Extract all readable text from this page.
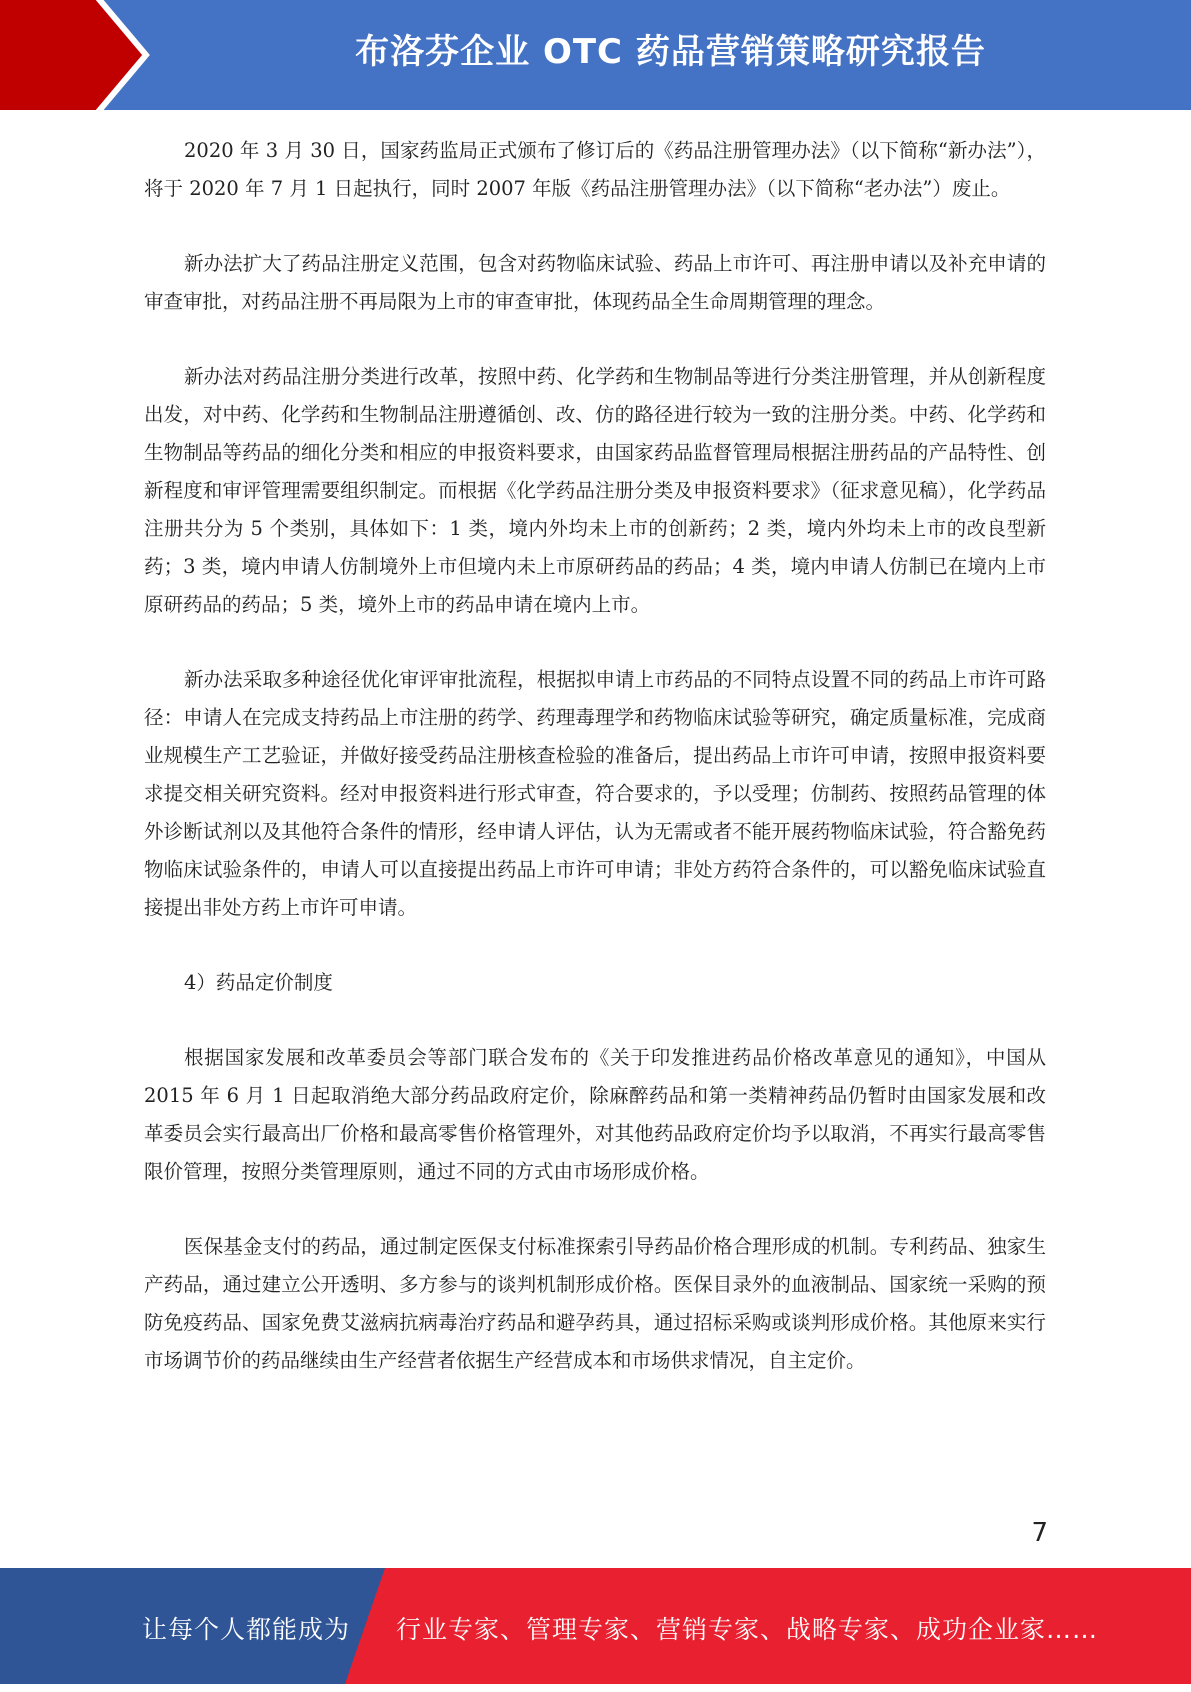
布洛芬企业 OTC 药品营销策略研究报告

2020 年 3 月 30 日，国家药监局正式颁布了修订后的《药品注册管理办法》（以下简称“新办法”），将于 2020 年 7 月 1 日起执行，同时 2007 年版《药品注册管理办法》（以下简称“老办法”）废止。

新办法扩大了药品注册定义范围，包含对药物临床试验、药品上市许可、再注册申请以及补充申请的审查审批，对药品注册不再局限为上市的审查审批，体现药品全生命周期管理的理念。

新办法对药品注册分类进行改革，按照中药、化学药和生物制品等进行分类注册管理，并从创新程度出发，对中药、化学药和生物制品注册遵循创、改、仿的路径进行较为一致的注册分类。中药、化学药和生物制品等药品的细化分类和相应的申报资料要求，由国家药品监督管理局根据注册药品的产品特性、创新程度和审评管理需要组织制定。而根据《化学药品注册分类及申报资料要求》（征求意见稿），化学药品注册共分为 5 个类别，具体如下：1 类，境内外均未上市的创新药；2 类，境内外均未上市的改良型新药；3 类，境内申请人仿制境外上市但境内未上市原研药品的药品；4 类，境内申请人仿制已在境内上市原研药品的药品；5 类，境外上市的药品申请在境内上市。

新办法采取多种途径优化审评审批流程，根据拟申请上市药品的不同特点设置不同的药品上市许可路径：申请人在完成支持药品上市注册的药学、药理毒理学和药物临床试验等研究，确定质量标准，完成商业规模生产工艺验证，并做好接受药品注册核查检验的准备后，提出药品上市许可申请，按照申报资料要求提交相关研究资料。经对申报资料进行形式审查，符合要求的，予以受理；仿制药、按照药品管理的体外诊断试剂以及其他符合条件的情形，经申请人评估，认为无需或者不能开展药物临床试验，符合豁免药物临床试验条件的，申请人可以直接提出药品上市许可申请；非处方药符合条件的，可以豁免临床试验直接提出非处方药上市许可申请。

4）药品定价制度

根据国家发展和改革委员会等部门联合发布的《关于印发推进药品价格改革意见的通知》，中国从 2015 年 6 月 1 日起取消绝大部分药品政府定价，除麻醉药品和第一类精神药品仍暂时由国家发展和改革委员会实行最高出厂价格和最高零售价格管理外，对其他药品政府定价均予以取消，不再实行最高零售限价管理，按照分类管理原则，通过不同的方式由市场形成价格。

医保基金支付的药品，通过制定医保支付标准探索引导药品价格合理形成的机制。专利药品、独家生产药品，通过建立公开透明、多方参与的谈判机制形成价格。医保目录外的血液制品、国家统一采购的预防免疫药品、国家免费艾滋病抗病毒治疗药品和避孕药具，通过招标采购或谈判形成价格。其他原来实行市场调节价的药品继续由生产经营者依据生产经营成本和市场供求情况，自主定价。

7
让每个人都能成为 行业专家、管理专家、营销专家、战略专家、成功企业家……
